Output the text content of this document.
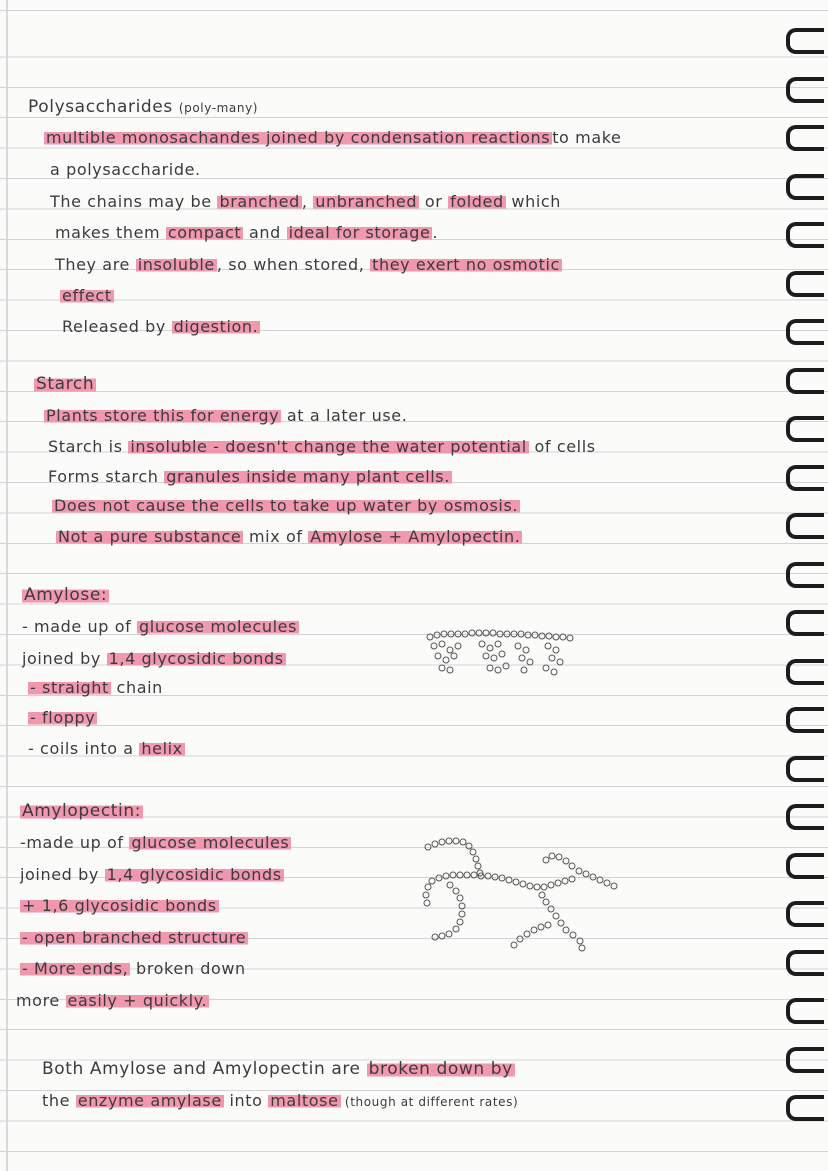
Polysaccharides (poly-many)
multible monosachandes joined by condensation reactions to make
a polysaccharide.
The chains may be branched , unbranched or folded which
makes them compact and ideal for storage .
They are insoluble , so when stored, they exert no osmotic
effect
Released by digestion.
Starch
Plants store this for energy at a later use.
Starch is insoluble - doesn't change the water potential of cells
Forms starch granules inside many plant cells.
Does not cause the cells to take up water by osmosis.
Not a pure substance mix of Amylose + Amylopectin.
Amylose:
- made up of glucose molecules
joined by 1,4 glycosidic bonds
- straight chain
- floppy
- coils into a helix
Amylopectin:
-made up of glucose molecules
joined by 1,4 glycosidic bonds
+ 1,6 glycosidic bonds
- open branched structure
- More ends, broken down
more easily + quickly.
Both Amylose and Amylopectin are broken down by
the enzyme amylase into maltose (though at different rates)
